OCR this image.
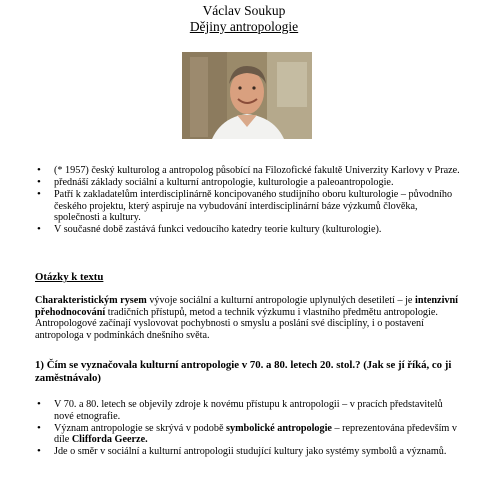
Václav Soukup
Dějiny antropologie
• (* 1957) český kulturolog a antropolog působící na Filozofické fakultě Univerzity Karlovy v Praze.
• přednáší základy sociální a kulturní antropologie, kulturologie a paleoantropologie.
• Patří k zakladatelům interdisciplinárně koncipovaného studijního oboru kulturologie – původního českého projektu, který aspiruje na vybudování interdisciplinární báze výzkumů člověka, společnosti a kultury.
• V současné době zastává funkci vedoucího katedry teorie kultury (kulturologie).
Otázky k textu
Charakteristickým rysem vývoje sociální a kulturní antropologie uplynulých desetiletí – je intenzivní přehodnocování tradičních přístupů, metod a technik výzkumu i vlastního předmětu antropologie. Antropologové začínají vyslovovat pochybnosti o smyslu a poslání své disciplíny, i o postavení antropologa v podmínkách dnešního světa.
1) Čím se vyznačovala kulturní antropologie v 70. a 80. letech 20. stol.? (Jak se jí říká, co ji zaměstnávalo)
• V 70. a 80. letech se objevily zdroje k novému přístupu k antropologii – v pracích představitelů nové etnografie.
• Význam antropologie se skrývá v podobě symbolické antropologie – reprezentována především v díle Clifforda Geerze.
• Jde o směr v sociální a kulturní antropologii studující kultury jako systémy symbolů a významů.
